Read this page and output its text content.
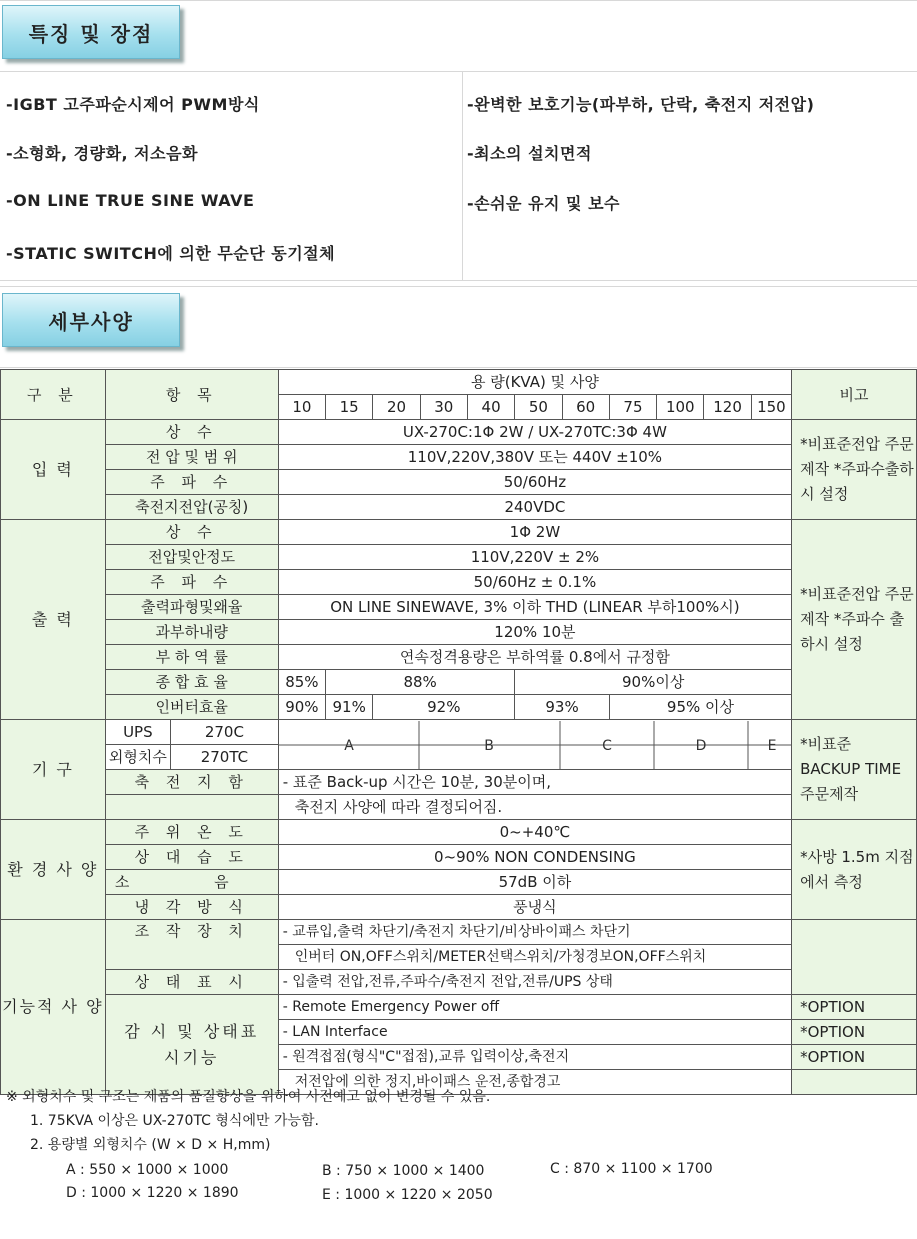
특징 및 장점
-IGBT 고주파순시제어 PWM방식
-소형화, 경량화, 저소음화
-ON LINE TRUE SINE WAVE
-STATIC SWITCH에 의한 무순단 동기절체
-완벽한 보호기능(파부하, 단락, 축전지 저전압)
-최소의 설치면적
-손쉬운 유지 및 보수
세부사양
구 분	항 목		용 량(KVA) 및 사양											비고
			10	15	20	30	40	50	60	75	100	120	150	
입 력	상 수		UX-270C:1Φ 2W / UX-270TC:3Φ 4W											*비표준전압 주문제작 *주파수출하시 설정
	전 압 및 범 위		110V,220V,380V 또는 440V ±10%											
	주 파 수		50/60Hz											
	축전지전압(공칭)		240VDC											
출 력	상 수		1Φ 2W											*비표준전압 주문제작 *주파수 출하시 설정
	전압및안정도		110V,220V ± 2%											
	주 파 수		50/60Hz ± 0.1%											
	출력파형및왜율		ON LINE SINEWAVE, 3% 이하 THD (LINEAR 부하100%시)											
	과부하내량		120% 10분											
	부 하 역 률		연속정격용량은 부하역률 0.8에서 규정함											
	종 합 효 율		85%	88%				90%이상						
	인버터효율		90%	91%	92%			93%		95% 이상				
기 구	UPS	270C	A B C D E											*비표준 BACKUP TIME 주문제작
	외형치수	270TC												
	축 전 지 함		- 표준 Back-up 시간은 10분, 30분이며,											
			축전지 사양에 따라 결정되어짐.											
환 경 사 양	주 위 온 도		0~+40℃											*사방 1.5m 지점에서 측정
	상 대 습 도		0~90% NON CONDENSING											
	소 음		57dB 이하											
	냉 각 방 식		풍냉식											
기능적 사 양	조 작 장 치		- 교류입,출력 차단기/축전지 차단기/비상바이패스 차단기											
			인버터 ON,OFF스위치/METER선택스위치/가청경보ON,OFF스위치											
	상 태 표 시		- 입출력 전압,전류,주파수/축전지 전압,전류/UPS 상태											
	감 시 및 상태표시기능		- Remote Emergency Power off											*OPTION
			- LAN Interface											*OPTION
			- 원격접점(형식"C"접점),교류 입력이상,축전지											*OPTION
			저전압에 의한 정지,바이패스 운전,종합경고											
※ 외형치수 및 구조는 제품의 품질향상을 위하여 사전예고 없이 변경될 수 있음.
1. 75KVA 이상은 UX-270TC 형식에만 가능함.
2. 용량별 외형치수 (W × D × H,mm)
A : 550 × 1000 × 1000	B : 750 × 1000 × 1400	C : 870 × 1100 × 1700
D : 1000 × 1220 × 1890	E : 1000 × 1220 × 2050
